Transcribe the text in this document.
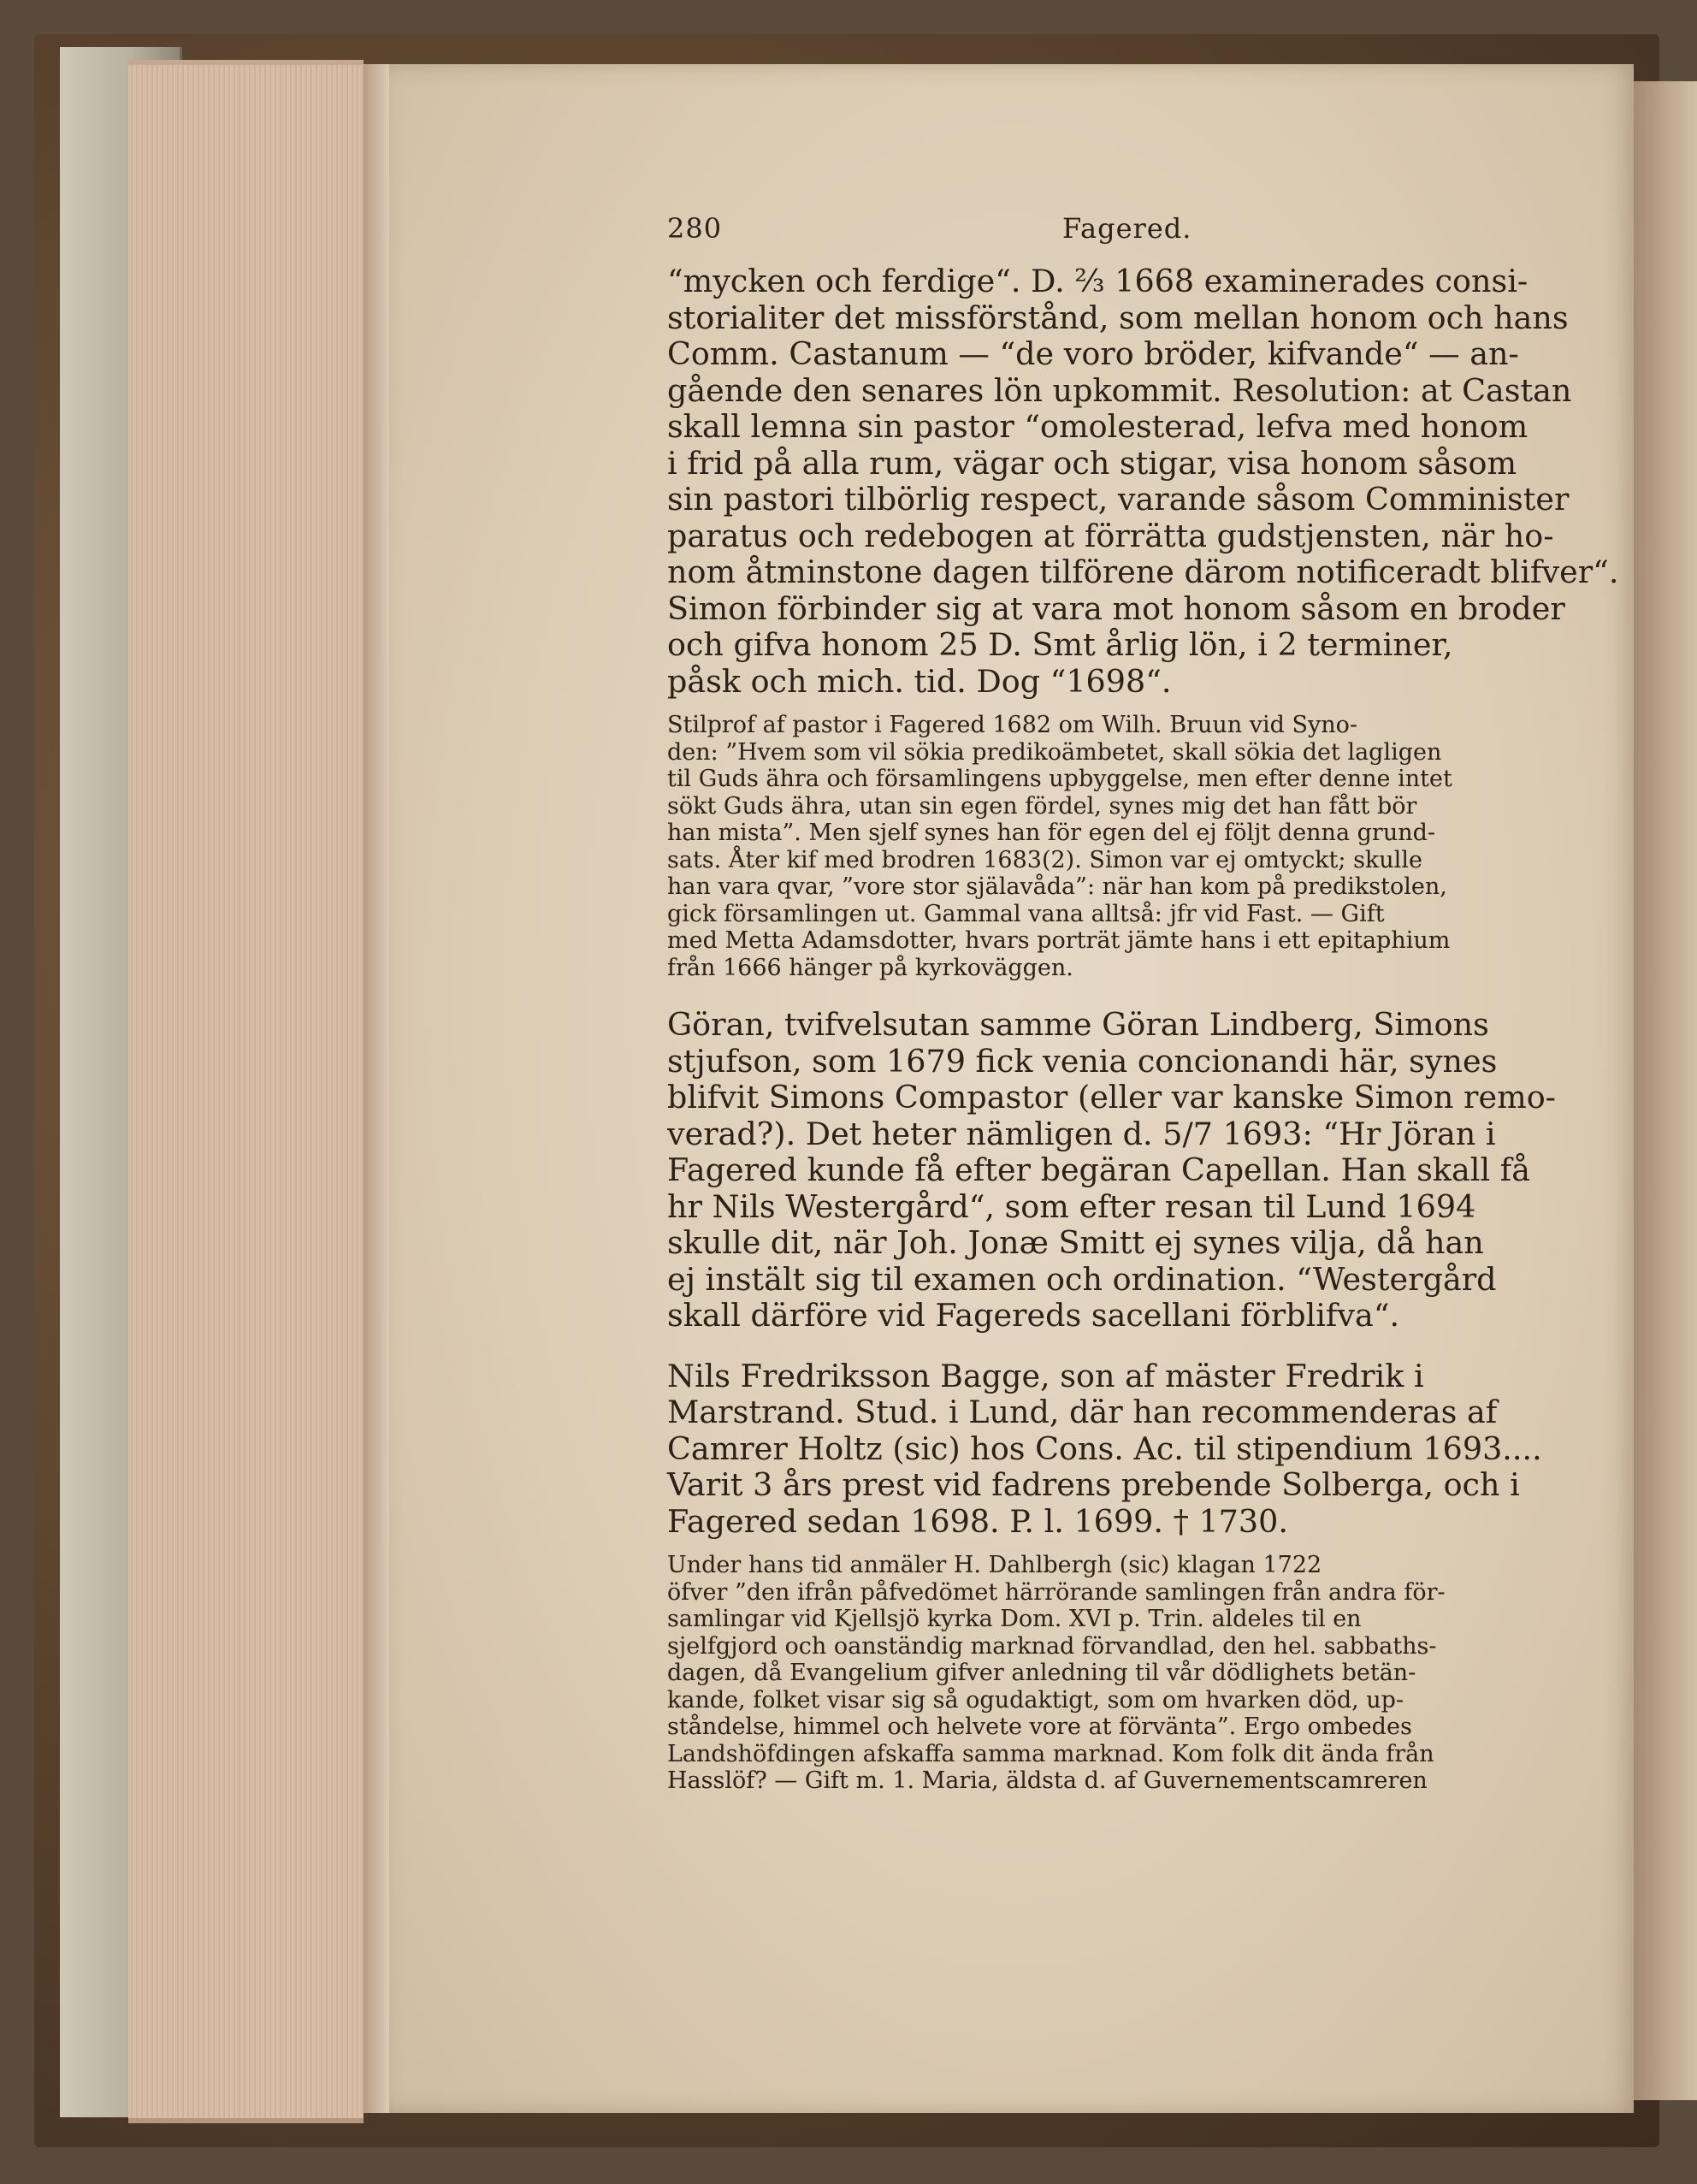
280	Fagered.

“mycken och ferdige“. D. ⅔ 1668 examinerades consi-
storialiter det missförstånd, som mellan honom och hans
Comm. Castanum — “de voro bröder, kifvande“ — an-
gående den senares lön upkommit. Resolution: at Castan
skall lemna sin pastor “omolesterad, lefva med honom
i frid på alla rum, vägar och stigar, visa honom såsom
sin pastori tilbörlig respect, varande såsom Comminister
paratus och redebogen at förrätta gudstjensten, när ho-
nom åtminstone dagen tilförene därom notificeradt blifver“.
Simon förbinder sig at vara mot honom såsom en broder
och gifva honom 25 D. Smt årlig lön, i 2 terminer,
påsk och mich. tid. Dog “1698“.

Stilprof af pastor i Fagered 1682 om Wilh. Bruun vid Syno-
den: ”Hvem som vil sökia predikoämbetet, skall sökia det lagligen
til Guds ähra och församlingens upbyggelse, men efter denne intet
sökt Guds ähra, utan sin egen fördel, synes mig det han fått bör
han mista”. Men sjelf synes han för egen del ej följt denna grund-
sats. Åter kif med brodren 1683(2). Simon var ej omtyckt; skulle
han vara qvar, ”vore stor själavåda”: när han kom på predikstolen,
gick församlingen ut. Gammal vana alltså: jfr vid Fast. — Gift
med Metta Adamsdotter, hvars porträt jämte hans i ett epitaphium
från 1666 hänger på kyrkoväggen.

Göran, tvifvelsutan samme Göran Lindberg, Simons
stjufson, som 1679 fick venia concionandi här, synes
blifvit Simons Compastor (eller var kanske Simon remo-
verad?). Det heter nämligen d. 5/7 1693: “Hr Jöran i
Fagered kunde få efter begäran Capellan. Han skall få
hr Nils Westergård“, som efter resan til Lund 1694
skulle dit, när Joh. Jonæ Smitt ej synes vilja, då han
ej instält sig til examen och ordination. “Westergård
skall därföre vid Fagereds sacellani förblifva“.

Nils Fredriksson Bagge, son af mäster Fredrik i
Marstrand. Stud. i Lund, där han recommenderas af
Camrer Holtz (sic) hos Cons. Ac. til stipendium 1693....
Varit 3 års prest vid fadrens prebende Solberga, och i
Fagered sedan 1698. P. l. 1699. † 1730.

Under hans tid anmäler H. Dahlbergh (sic) klagan 1722
öfver ”den ifrån påfvedömet härrörande samlingen från andra för-
samlingar vid Kjellsjö kyrka Dom. XVI p. Trin. aldeles til en
sjelfgjord och oanständig marknad förvandlad, den hel. sabbaths-
dagen, då Evangelium gifver anledning til vår dödlighets betän-
kande, folket visar sig så ogudaktigt, som om hvarken död, up-
ståndelse, himmel och helvete vore at förvänta”. Ergo ombedes
Landshöfdingen afskaffa samma marknad. Kom folk dit ända från
Hasslöf? — Gift m. 1. Maria, äldsta d. af Guvernementscamreren
